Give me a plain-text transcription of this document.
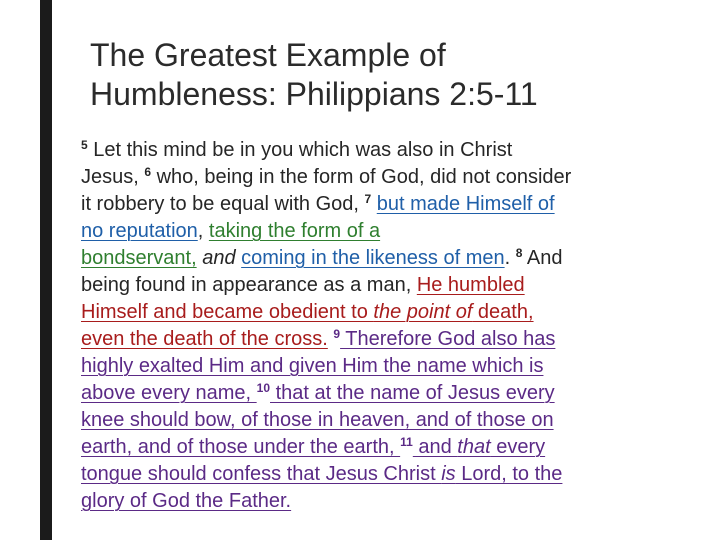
The Greatest Example of
Humbleness: Philippians 2:5-11
$^5$ Let this mind be in you which was also in Christ
Jesus, $^6$ who, being in the form of God, did not consider
it robbery to be equal with God, $^7$ but made Himself of
no reputation, taking the form of a
bondservant, and coming in the likeness of men. $^8$ And
being found in appearance as a man, He humbled
Himself and became obedient to the point of death,
even the death of the cross. $^9$ Therefore God also has
highly exalted Him and given Him the name which is
above every name, $^{10}$ that at the name of Jesus every
knee should bow, of those in heaven, and of those on
earth, and of those under the earth, $^{11}$ and that every
tongue should confess that Jesus Christ is Lord, to the
glory of God the Father.
